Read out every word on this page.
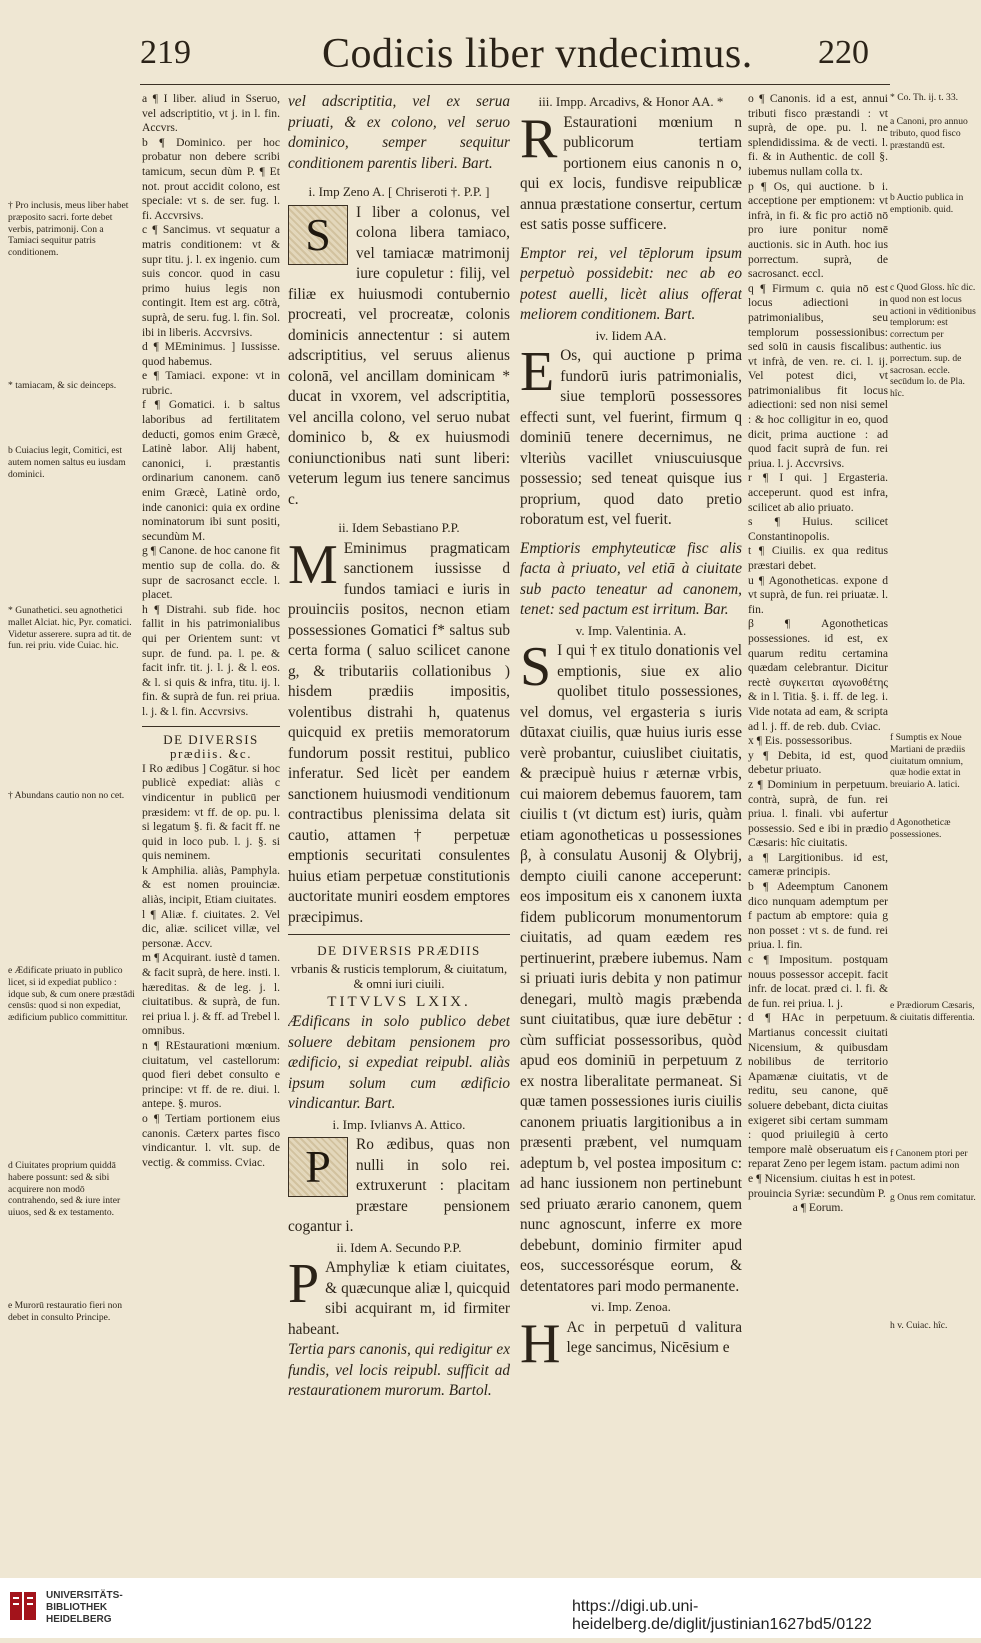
219	Codicis liber vndecimus. 220
† Pro inclusis, meus liber habet præposito sacri. forte debet verbis, patrimonij. Con a Tamiaci sequitur patris conditionem.
* tamiacam, & sic deinceps.
b Cuiacius legit, Comitici, est autem nomen saltus eu iusdam dominici.
* Gunathetici. seu agnothetici mallet Alciat. hic, Pyr. comatici. Videtur asserere. supra ad tit. de fun. rei priu. vide Cuiac. hic.
† Abundans cautio non no cet.
e Ædificate priuato in publico licet, si id expediat publico : idque sub, & cum onere præstādi censūs: quod si non expediat, ædificium publico committitur.
d Ciuitates proprium quiddā habere possunt: sed & sibi acquirere non modō contrahendo, sed & iure inter uiuos, sed & ex testamento.
e Murorū restauratio fieri non debet in consulto Principe.

a ¶ I liber. aliud in Sseruo, vel adscriptitio, vt j. in l. fin. Accvrs.

b ¶ Dominico. per hoc probatur non debere scribi tamicum, secun dùm P. ¶ Et not. prout accidit colono, est speciale: vt s. de ser. fug. l. fi. Accvrsivs.

c ¶ Sancimus. vt sequatur a matris conditionem: vt & supr titu. j. l. ex ingenio. cum suis concor. quod in casu primo huius legis non contingit. Item est arg. cōtrà, suprà, de seru. fug. l. fin. Sol. ibi in liberis. Accvrsivs.

d ¶ MEminimus. ] Iussisse. quod habemus.

e ¶ Tamiaci. expone: vt in rubric.

f ¶ Gomatici. i. b saltus laboribus ad fertilitatem deducti, gomos enim Græcè, Latinè labor. Alij habent, canonici, i. præstantis ordinarium canonem. canō enim Græcè, Latinè ordo, inde canonici: quia ex ordine nominatorum ibi sunt positi, secundùm M.

g ¶ Canone. de hoc canone fit mentio sup de colla. do. & supr de sacrosanct eccle. l. placet.

h ¶ Distrahi. sub fide. hoc fallit in his patrimonialibus qui per Orientem sunt: vt supr. de fund. pa. l. pe. & facit infr. tit. j. l. j. & l. eos. & l. si quis & infra, titu. ij. l. fin. & suprà de fun. rei priua. l. j. & l. fin. Accvrsivs.

DE DIVERSIS prædiis. &c.

I Ro ædibus ] Cogātur. si hoc publicè expediat: aliàs c vindicentur in publicū per præsidem: vt ff. de op. pu. l. si legatum §. fi. & facit ff. ne quid in loco pub. l. j. §. si quis neminem.

k Amphilia. aliàs, Pamphyla. & est nomen prouinciæ. aliàs, incipit, Etiam ciuitates.

l ¶ Aliæ. f. ciuitates. 2. Vel dic, aliæ. scilicet villæ, vel personæ. Accv.

m ¶ Acquirant. iustè d tamen. & facit suprà, de here. insti. l. hæreditas. & de leg. j. l. ciuitatibus. & suprà, de fun. rei priua l. j. & ff. ad Trebel l. omnibus.

n ¶ REstaurationi mœnium. ciuitatum, vel castellorum: quod fieri debet consulto e principe: vt ff. de re. diui. l. antepe. §. muros.

o ¶ Tertiam portionem eius canonis. Cæterx partes fisco vindicantur. l. vlt. sup. de vectig. & commiss. Cviac.

vel adscriptitia, vel ex serua priuati, & ex colono, vel seruo dominico, semper sequitur conditionem parentis liberi. Bart.

i. Imp Zeno A. [ Chriseroti †. P.P. ]

S	I liber a colonus, vel colona libera tamiaco, vel tamiacæ matrimonij iure copuletur : filij, vel filiæ ex huiusmodi contubernio procreati, vel procreatæ, colonis dominicis annectentur : si autem adscriptitius, vel seruus alienus colonā, vel ancillam dominicam * ducat in vxorem, vel adscriptitia, vel ancilla colono, vel seruo nubat dominico b, & ex huiusmodi coniunctionibus nati sunt liberi: veterum legum ius tenere sancimus c.

ii. Idem Sebastiano P.P.

M Eminimus pragmaticam sanctionem iussisse d fundos tamiaci e iuris in prouinciis positos, necnon etiam possessiones Gomatici f* saltus sub certa forma ( saluo scilicet canone g, & tributariis collationibus ) hisdem prædiis impositis, volentibus distrahi h, quatenus quicquid ex pretiis memoratorum fundorum possit restitui, publico inferatur. Sed licèt per eandem sanctionem huiusmodi venditionum contractibus plenissima delata sit cautio, attamen † perpetuæ emptionis securitati consulentes huius etiam perpetuæ constitutionis auctoritate muniri eosdem emptores præcipimus.

DE DIVERSIS PRÆDIIS

vrbanis & rusticis templorum, & ciuitatum, & omni iuri ciuili.

TITVLVS LXIX.

Ædificans in solo publico debet soluere debitam pensionem pro ædificio, si expediat reipubl. aliàs ipsum solum cum ædificio vindicantur. Bart.

i. Imp. Ivlianvs A. Attico.

P	Ro ædibus, quas non nulli in solo rei. extruxerunt : placitam præstare pensionem cogantur i.

ii. Idem A. Secundo P.P.

P Amphyliæ k etiam ciuitates, & quæcunque aliæ l, quicquid sibi acquirant m, id firmiter habeant.

Tertia pars canonis, qui redigitur ex fundis, vel locis reipubl. sufficit ad restaurationem murorum. Bartol.

iii. Impp. Arcadivs, & Honor AA. *

R Estaurationi mœnium n publicorum tertiam portionem eius canonis n o, qui ex locis, fundisve reipublicæ annua præstatione consertur, certum est satis posse sufficere.

Emptor rei, vel tēplorum ipsum perpetuò possidebit: nec ab eo potest auelli, licèt alius offerat meliorem conditionem. Bart.

iv. Iidem AA.

E Os, qui auctione p prima fundorū iuris patrimonialis, siue templorū possessores effecti sunt, vel fuerint, firmum q dominiū tenere decernimus, ne vlteriùs vacillet vniuscuiusque possessio; sed teneat quisque ius proprium, quod dato pretio roboratum est, vel fuerit.

Emptioris emphyteuticæ fisc alis facta à priuato, vel etiā à ciuitate sub pacto teneatur ad canonem, tenet: sed pactum est irritum. Bar.

v. Imp. Valentinia. A.

S I qui † ex titulo donationis vel emptionis, siue ex alio quolibet titulo possessiones, vel domus, vel ergasteria s iuris dūtaxat ciuilis, quæ huius iuris esse verè probantur, cuiuslibet ciuitatis, & præcipuè huius r æternæ vrbis, cui maiorem debemus fauorem, tam ciuilis t (vt dictum est) iuris, quàm etiam agonotheticas u possessiones β, à consulatu Ausonij & Olybrij, dempto ciuili canone acceperunt: eos impositum eis x canonem iuxta fidem publicorum monumentorum ciuitatis, ad quam eædem res pertinuerint, præbere iubemus. Nam si priuati iuris debita y non patimur denegari, multò magis præbenda sunt ciuitatibus, quæ iure debētur : cùm sufficiat possessoribus, quòd apud eos dominiū in perpetuum z ex nostra liberalitate permaneat. Si quæ tamen possessiones iuris ciuilis canonem priuatis largitionibus a in præsenti præbent, vel numquam adeptum b, vel postea impositum c: ad hanc iussionem non pertinebunt sed priuato ærario canonem, quem nunc agnoscunt, inferre ex more debebunt, dominio firmiter apud eos, successorésque eorum, & detentatores pari modo permanente.

vi. Imp. Zenoa.

H Ac in perpetuū d valitura lege sancimus, Nicēsium e

o ¶ Canonis. id a est, annui tributi fisco præstandi : vt suprà, de ope. pu. l. ne splendidissima. & de vecti. l. fi. & in Authentic. de coll §. iubemus nullam colla tx.

p ¶ Os, qui auctione. b i. acceptione per emptionem: vt infrà, in fi. & fic pro actiō nō pro iure ponitur nomē auctionis. sic in Auth. hoc ius porrectum. suprà, de sacrosanct. eccl.

q ¶ Firmum c. quia nō est locus adiectioni in patrimonialibus, seu templorum possessionibus: sed solū in causis fiscalibus: vt infrà, de ven. re. ci. l. ij. Vel potest dici, vt patrimonialibus fit locus adiectioni: sed non nisi semel : & hoc colligitur in eo, quod dicit, prima auctione : ad quod facit suprà de fun. rei priua. l. j. Accvrsivs.

r ¶ I qui. ] Ergasteria. acceperunt. quod est infra, scilicet ab alio priuato.

s ¶ Huius. scilicet Constantinopolis.

t ¶ Ciuilis. ex qua reditus præstari debet.

u ¶ Agonotheticas. expone d vt suprà, de fun. rei priuatæ. l. fin.

β ¶ Agonotheticas possessiones. id est, ex quarum reditu certamina quædam celebrantur. Dicitur rectè συγκειται αγωνοθέτης & in l. Titia. §. i. ff. de leg. i. Vide notata ad eam, & scripta ad l. j. ff. de reb. dub. Cviac.

x ¶ Eis. possessoribus.

y ¶ Debita, id est, quod debetur priuato.

z ¶ Dominium in perpetuum. contrà, suprà, de fun. rei priua. l. finali. vbi aufertur possessio. Sed e ibi in prædio Cæsaris: hîc ciuitatis.

a ¶ Largitionibus. id est, cameræ principis.

b ¶ Adeemptum Canonem dico nunquam ademptum per f pactum ab emptore: quia g non posset : vt s. de fund. rei priua. l. fin.

c ¶ Impositum. postquam nouus possessor accepit. facit infr. de locat. præd ci. l. fi. & de fun. rei priua. l. j.

d ¶ HAc in perpetuum. Martianus concessit ciuitati Nicensium, & quibusdam nobilibus de territorio Apamænæ ciuitatis, vt de reditu, seu canone, quē soluere debebant, dicta ciuitas exigeret sibi certam summam : quod priuilegiū à certo tempore malè obseruatum eis reparat Zeno per legem istam.

e ¶ Nicensium. ciuitas h est in prouincia Syriæ: secundùm P.

a ¶ Eorum.

* Co. Th. ij. t. 33.
a Canoni, pro annuo tributo, quod fisco præstandū est.
b Auctio publica in emptionib. quid.
c Quod Gloss. hîc dic. quod non est locus actioni in vēditionibus templorum: est correctum per authentic. ius porrectum. sup. de sacrosan. eccle. secūdum lo. de Pla. hîc.
f Sumptis ex Noue Martiani de prædiis ciuitatum omnium, quæ hodie extat in breuiario A. latici.
d Agonotheticæ possessiones.
e Prædiorum Cæsaris, & ciuitatis differentia.
f Canonem ptori per pactum adimi non potest.
g Onus rem comitatur.
h v. Cuiac. hîc.
UNIVERSITÄTS-
BIBLIOTHEK
HEIDELBERG
https://digi.ub.uni-heidelberg.de/diglit/justinian1627bd5/0122
